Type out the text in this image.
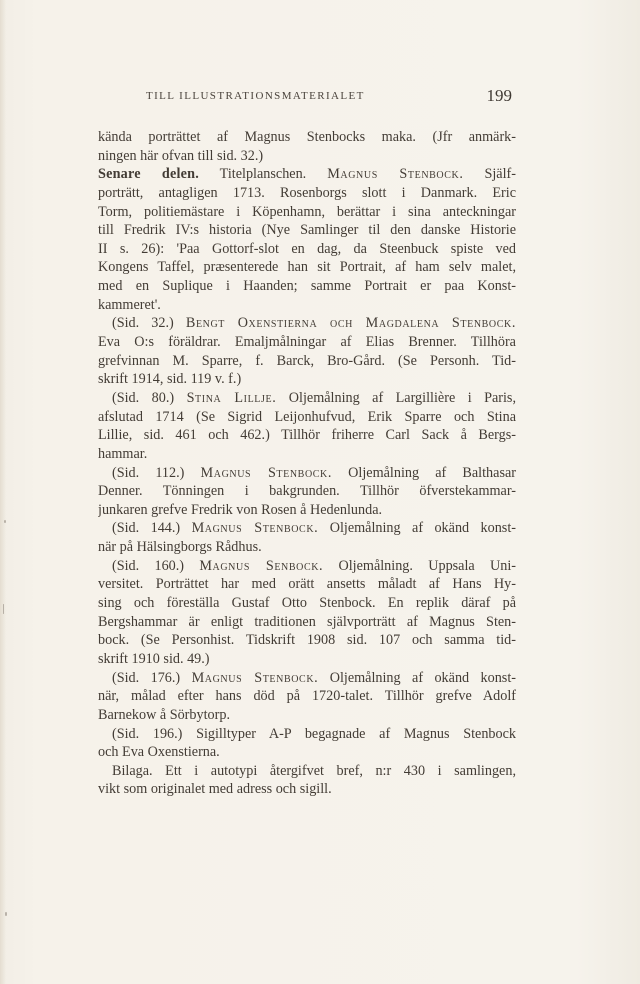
TILL ILLUSTRATIONSMATERIALET	199
kända porträttet af Magnus Stenbocks maka. (Jfr anmärk-
ningen här ofvan till sid. 32.)
Senare delen. Titelplanschen. Magnus Stenbock. Själf-
porträtt, antagligen 1713. Rosenborgs slott i Danmark. Eric
Torm, politiemästare i Köpenhamn, berättar i sina anteckningar
till Fredrik IV:s historia (Nye Samlinger til den danske Historie
II s. 26): 'Paa Gottorf-slot en dag, da Steenbuck spiste ved
Kongens Taffel, præsenterede han sit Portrait, af ham selv malet,
med en Suplique i Haanden; samme Portrait er paa Konst-
kammeret'.
(Sid. 32.) Bengt Oxenstierna och Magdalena Stenbock.
Eva O:s föräldrar. Emaljmålningar af Elias Brenner. Tillhöra
grefvinnan M. Sparre, f. Barck, Bro-Gård. (Se Personh. Tid-
skrift 1914, sid. 119 v. f.)
(Sid. 80.) Stina Lillje. Oljemålning af Largillière i Paris,
afslutad 1714 (Se Sigrid Leijonhufvud, Erik Sparre och Stina
Lillie, sid. 461 och 462.) Tillhör friherre Carl Sack å Bergs-
hammar.
(Sid. 112.) Magnus Stenbock. Oljemålning af Balthasar
Denner. Tönningen i bakgrunden. Tillhör öfverstekammar-
junkaren grefve Fredrik von Rosen å Hedenlunda.
(Sid. 144.) Magnus Stenbock. Oljemålning af okänd konst-
när på Hälsingborgs Rådhus.
(Sid. 160.) Magnus Senbock. Oljemålning. Uppsala Uni-
versitet. Porträttet har med orätt ansetts måladt af Hans Hy-
sing och föreställa Gustaf Otto Stenbock. En replik däraf på
Bergshammar är enligt traditionen självporträtt af Magnus Sten-
bock. (Se Personhist. Tidskrift 1908 sid. 107 och samma tid-
skrift 1910 sid. 49.)
(Sid. 176.) Magnus Stenbock. Oljemålning af okänd konst-
när, målad efter hans död på 1720-talet. Tillhör grefve Adolf
Barnekow å Sörbytorp.
(Sid. 196.) Sigilltyper A-P begagnade af Magnus Stenbock
och Eva Oxenstierna.
Bilaga. Ett i autotypi återgifvet bref, n:r 430 i samlingen,
vikt som originalet med adress och sigill.
